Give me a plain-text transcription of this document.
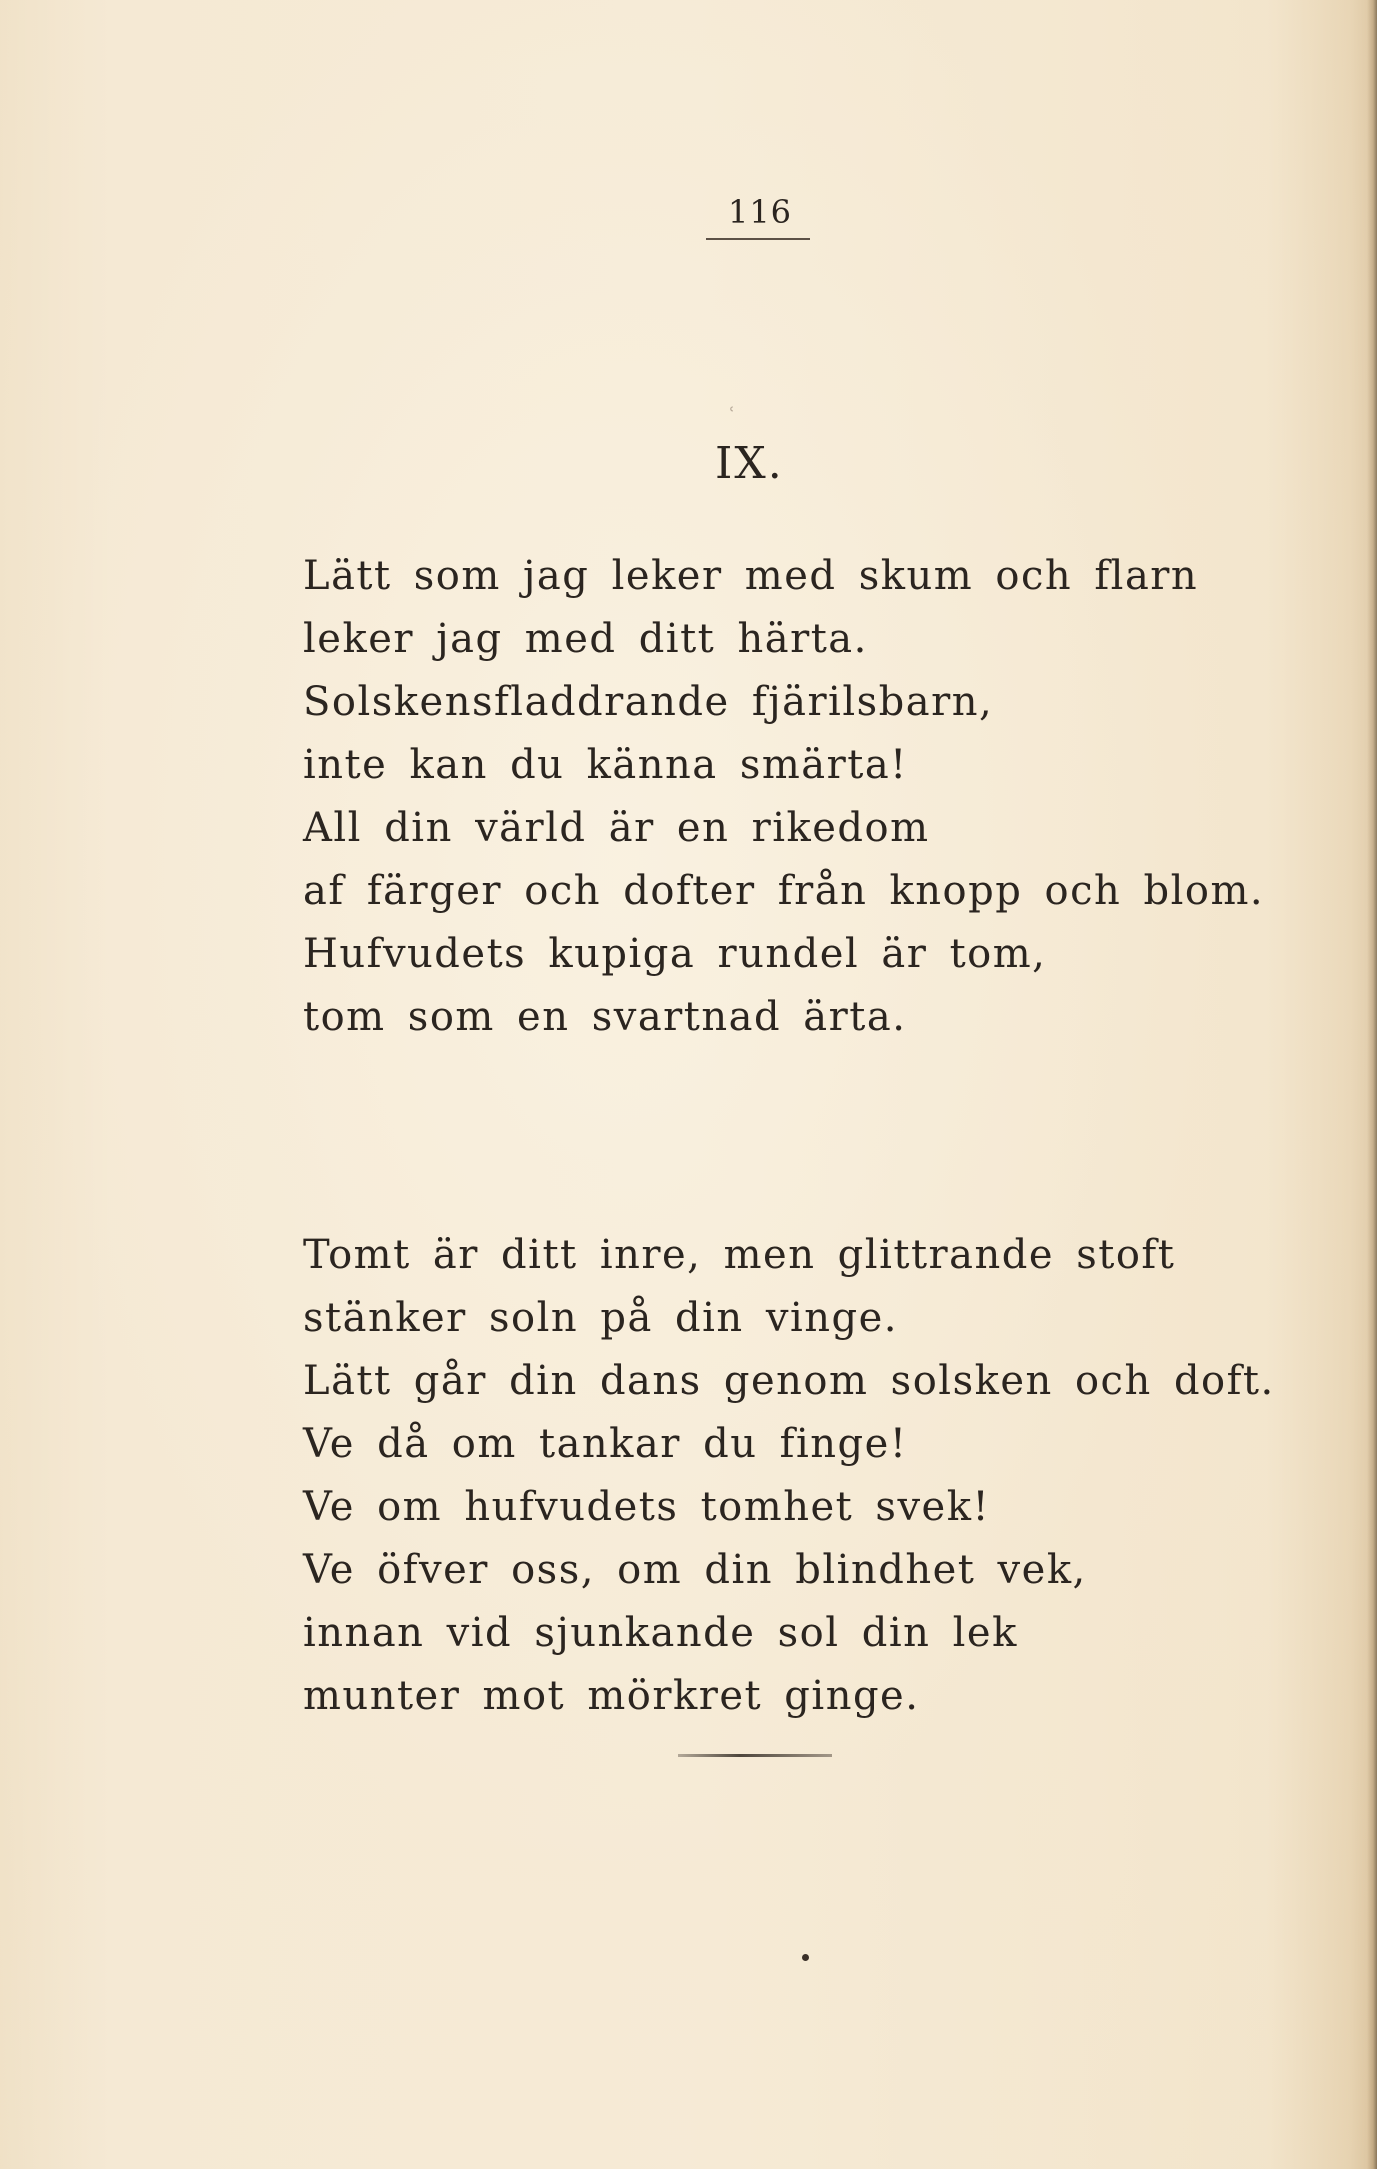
116
ʿ
IX.
Lätt som jag leker med skum och flarn
leker jag med ditt härta.
Solskensfladdrande fjärilsbarn,
inte kan du känna smärta!
All din värld är en rikedom
af färger och dofter från knopp och blom.
Hufvudets kupiga rundel är tom,
tom som en svartnad ärta.
Tomt är ditt inre, men glittrande stoft
stänker soln på din vinge.
Lätt går din dans genom solsken och doft.
Ve då om tankar du finge!
Ve om hufvudets tomhet svek!
Ve öfver oss, om din blindhet vek,
innan vid sjunkande sol din lek
munter mot mörkret ginge.
